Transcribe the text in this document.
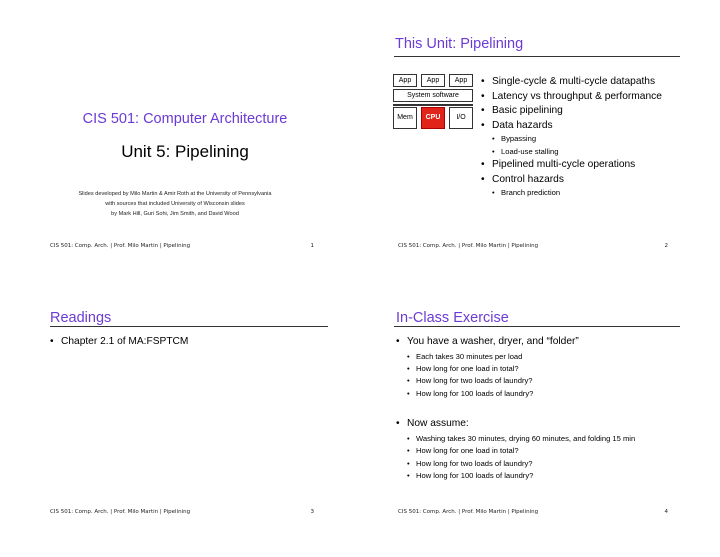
CIS 501: Computer Architecture
Unit 5: Pipelining
Slides developed by Milo Martin & Amir Roth at the University of Pennsylvania
with sources that included University of Wisconsin slides
by Mark Hill, Guri Sohi, Jim Smith, and David Wood
CIS 501: Comp. Arch. | Prof. Milo Martin | Pipelining	1
This Unit: Pipelining
App	App	App
System software
Mem	CPU	I/O
• Single-cycle & multi-cycle datapaths
• Latency vs throughput & performance
• Basic pipelining
• Data hazards
• Bypassing
• Load-use stalling
• Pipelined multi-cycle operations
• Control hazards
• Branch prediction
CIS 501: Comp. Arch. | Prof. Milo Martin | Pipelining	2
Readings
• Chapter 2.1 of MA:FSPTCM
CIS 501: Comp. Arch. | Prof. Milo Martin | Pipelining	3
In-Class Exercise
• You have a washer, dryer, and “folder”
• Each takes 30 minutes per load
• How long for one load in total?
• How long for two loads of laundry?
• How long for 100 loads of laundry?
• Now assume:
• Washing takes 30 minutes, drying 60 minutes, and folding 15 min
• How long for one load in total?
• How long for two loads of laundry?
• How long for 100 loads of laundry?
CIS 501: Comp. Arch. | Prof. Milo Martin | Pipelining	4
